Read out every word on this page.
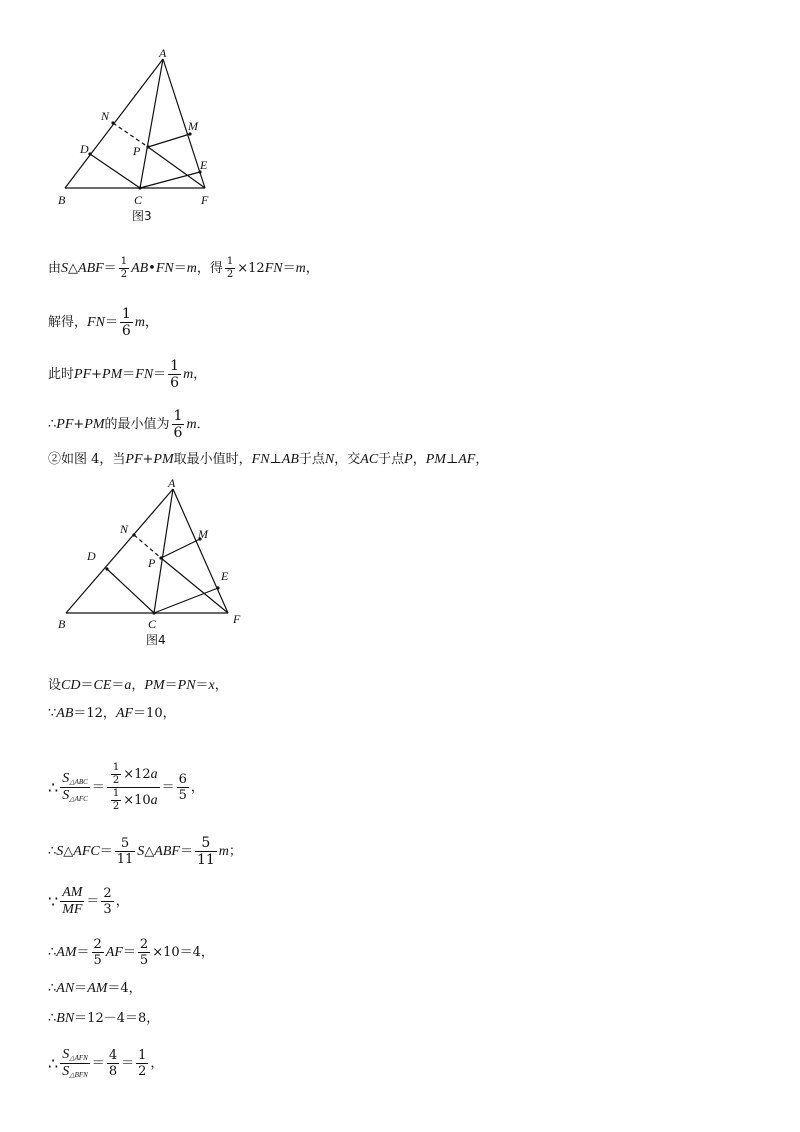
A
N
M
D	P
E
B	C	F
图3
由 S △ ABF ＝ $\frac{1}{2}$ AB • FN ＝ m ，得 $\frac{1}{2} \times 12$ FN ＝ m ，
解得， FN ＝ $\frac{1}{6}$ m ，
此时 PF + PM ＝ FN ＝ $\frac{1}{6}$ m ，
∴ PF + PM 的最小值为 $\frac{1}{6}$ m ．
②如图 4，当 PF + PM 取最小值时， FN ⊥ AB 于点 N ，交 AC 于点 P ， PM ⊥ AF ，
A
N	M
D	P
E
B	C	F
图4
设 CD ＝ CE ＝ a ， PM ＝ PN ＝ x ，
∵ AB ＝12， AF ＝10，
∴ $\frac{S_{\triangle ABC}}{S_{\triangle AFC}} = \frac{\frac{1}{2} \times 12 a}{\frac{1}{2} \times 10 a} = \frac{6}{5}$ ，
∴ S △ AFC ＝ $\frac{5}{11}$ S △ ABF ＝ $\frac{5}{11}$ m ；
∵ $\frac{AM}{MF} = \frac{2}{3}$ ，
∴ AM ＝ $\frac{2}{5}$ AF ＝ $\frac{2}{5} \times 10=4$，
∴ AN ＝ AM ＝4，
∴ BN ＝12－4＝8，
∴ $\frac{S_{\triangle AFN}}{S_{\triangle BFN}} = \frac{4}{8} = \frac{1}{2}$ ，
